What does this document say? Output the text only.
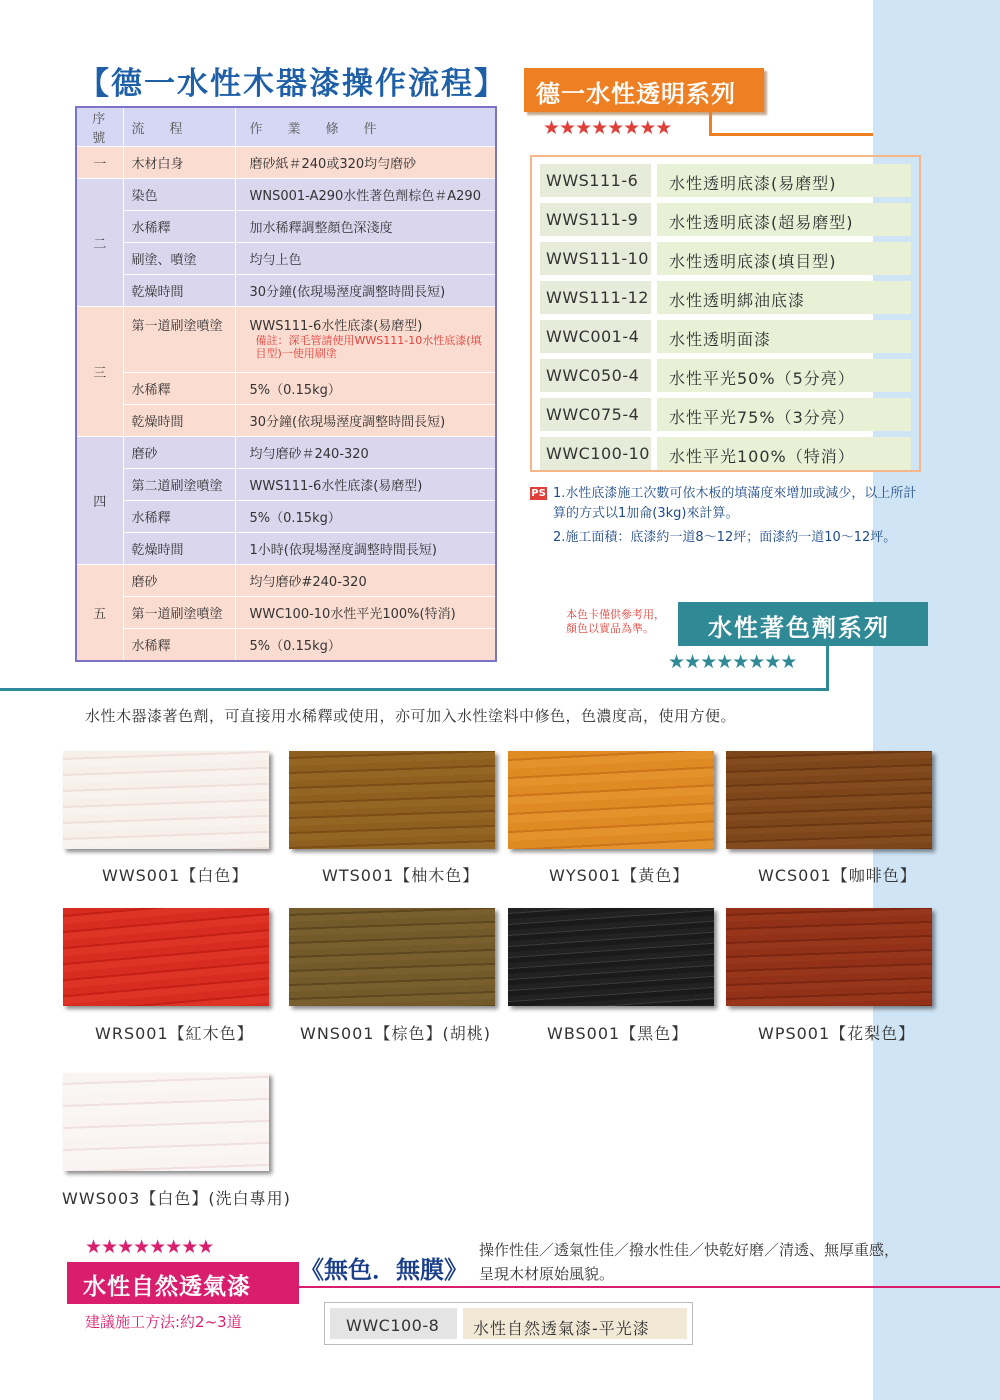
【德一水性木器漆操作流程】
序號	流　程	作　業　條　件
一	木材白身	磨砂紙＃240或320均勻磨砂
二	染色	WNS001-A290水性著色劑棕色＃A290
	水稀釋	加水稀釋調整顏色深淺度
	刷塗、噴塗	均勻上色
	乾燥時間	30分鐘(依現場溼度調整時間長短)
三	第一道刷塗噴塗	WWS111-6水性底漆(易磨型)
備註：深毛管請使用WWS111-10水性底漆(填目型)一使用刷塗

	水稀釋	5%（0.15kg）
	乾燥時間	30分鐘(依現場溼度調整時間長短)
四	磨砂	均勻磨砂＃240-320
	第二道刷塗噴塗	WWS111-6水性底漆(易磨型)
	水稀釋	5%（0.15kg）
	乾燥時間	1小時(依現場溼度調整時間長短)
五	磨砂	均勻磨砂#240-320
	第一道刷塗噴塗	WWC100-10水性平光100%(特消)
	水稀釋	5%（0.15kg）
德一水性透明系列
★★★★★★★★
WWS111-6	水性透明底漆(易磨型)
WWS111-9	水性透明底漆(超易磨型)
WWS111-10	水性透明底漆(填目型)
WWS111-12	水性透明綁油底漆
WWC001-4	水性透明面漆
WWC050-4	水性平光50%（5分亮）
WWC075-4	水性平光75%（3分亮）
WWC100-10	水性平光100%（特消）
PS 1.水性底漆施工次數可依木板的填滿度來增加或減少，以上所計算的方式以1加侖(3kg)來計算。
2.施工面積：底漆約一道8～12坪；面漆約一道10～12坪。
本色卡僅供參考用，
顏色以實品為準。	水性著色劑系列
★★★★★★★★
水性木器漆著色劑，可直接用水稀釋或使用，亦可加入水性塗料中修色，色濃度高，使用方便。
WWS001【白色】	WTS001【柚木色】	WYS001【黃色】	WCS001【咖啡色】
WRS001【紅木色】	WNS001【棕色】(胡桃)	WBS001【黑色】	WPS001【花梨色】
WWS003【白色】(洗白專用)
★★★★★★★★
水性自然透氣漆
建議施工方法:約2~3道
《無色．無膜》
操作性佳／透氣性佳／撥水性佳／快乾好磨／清透、無厚重感，
呈現木材原始風貌。
WWC100-8	水性自然透氣漆-平光漆
